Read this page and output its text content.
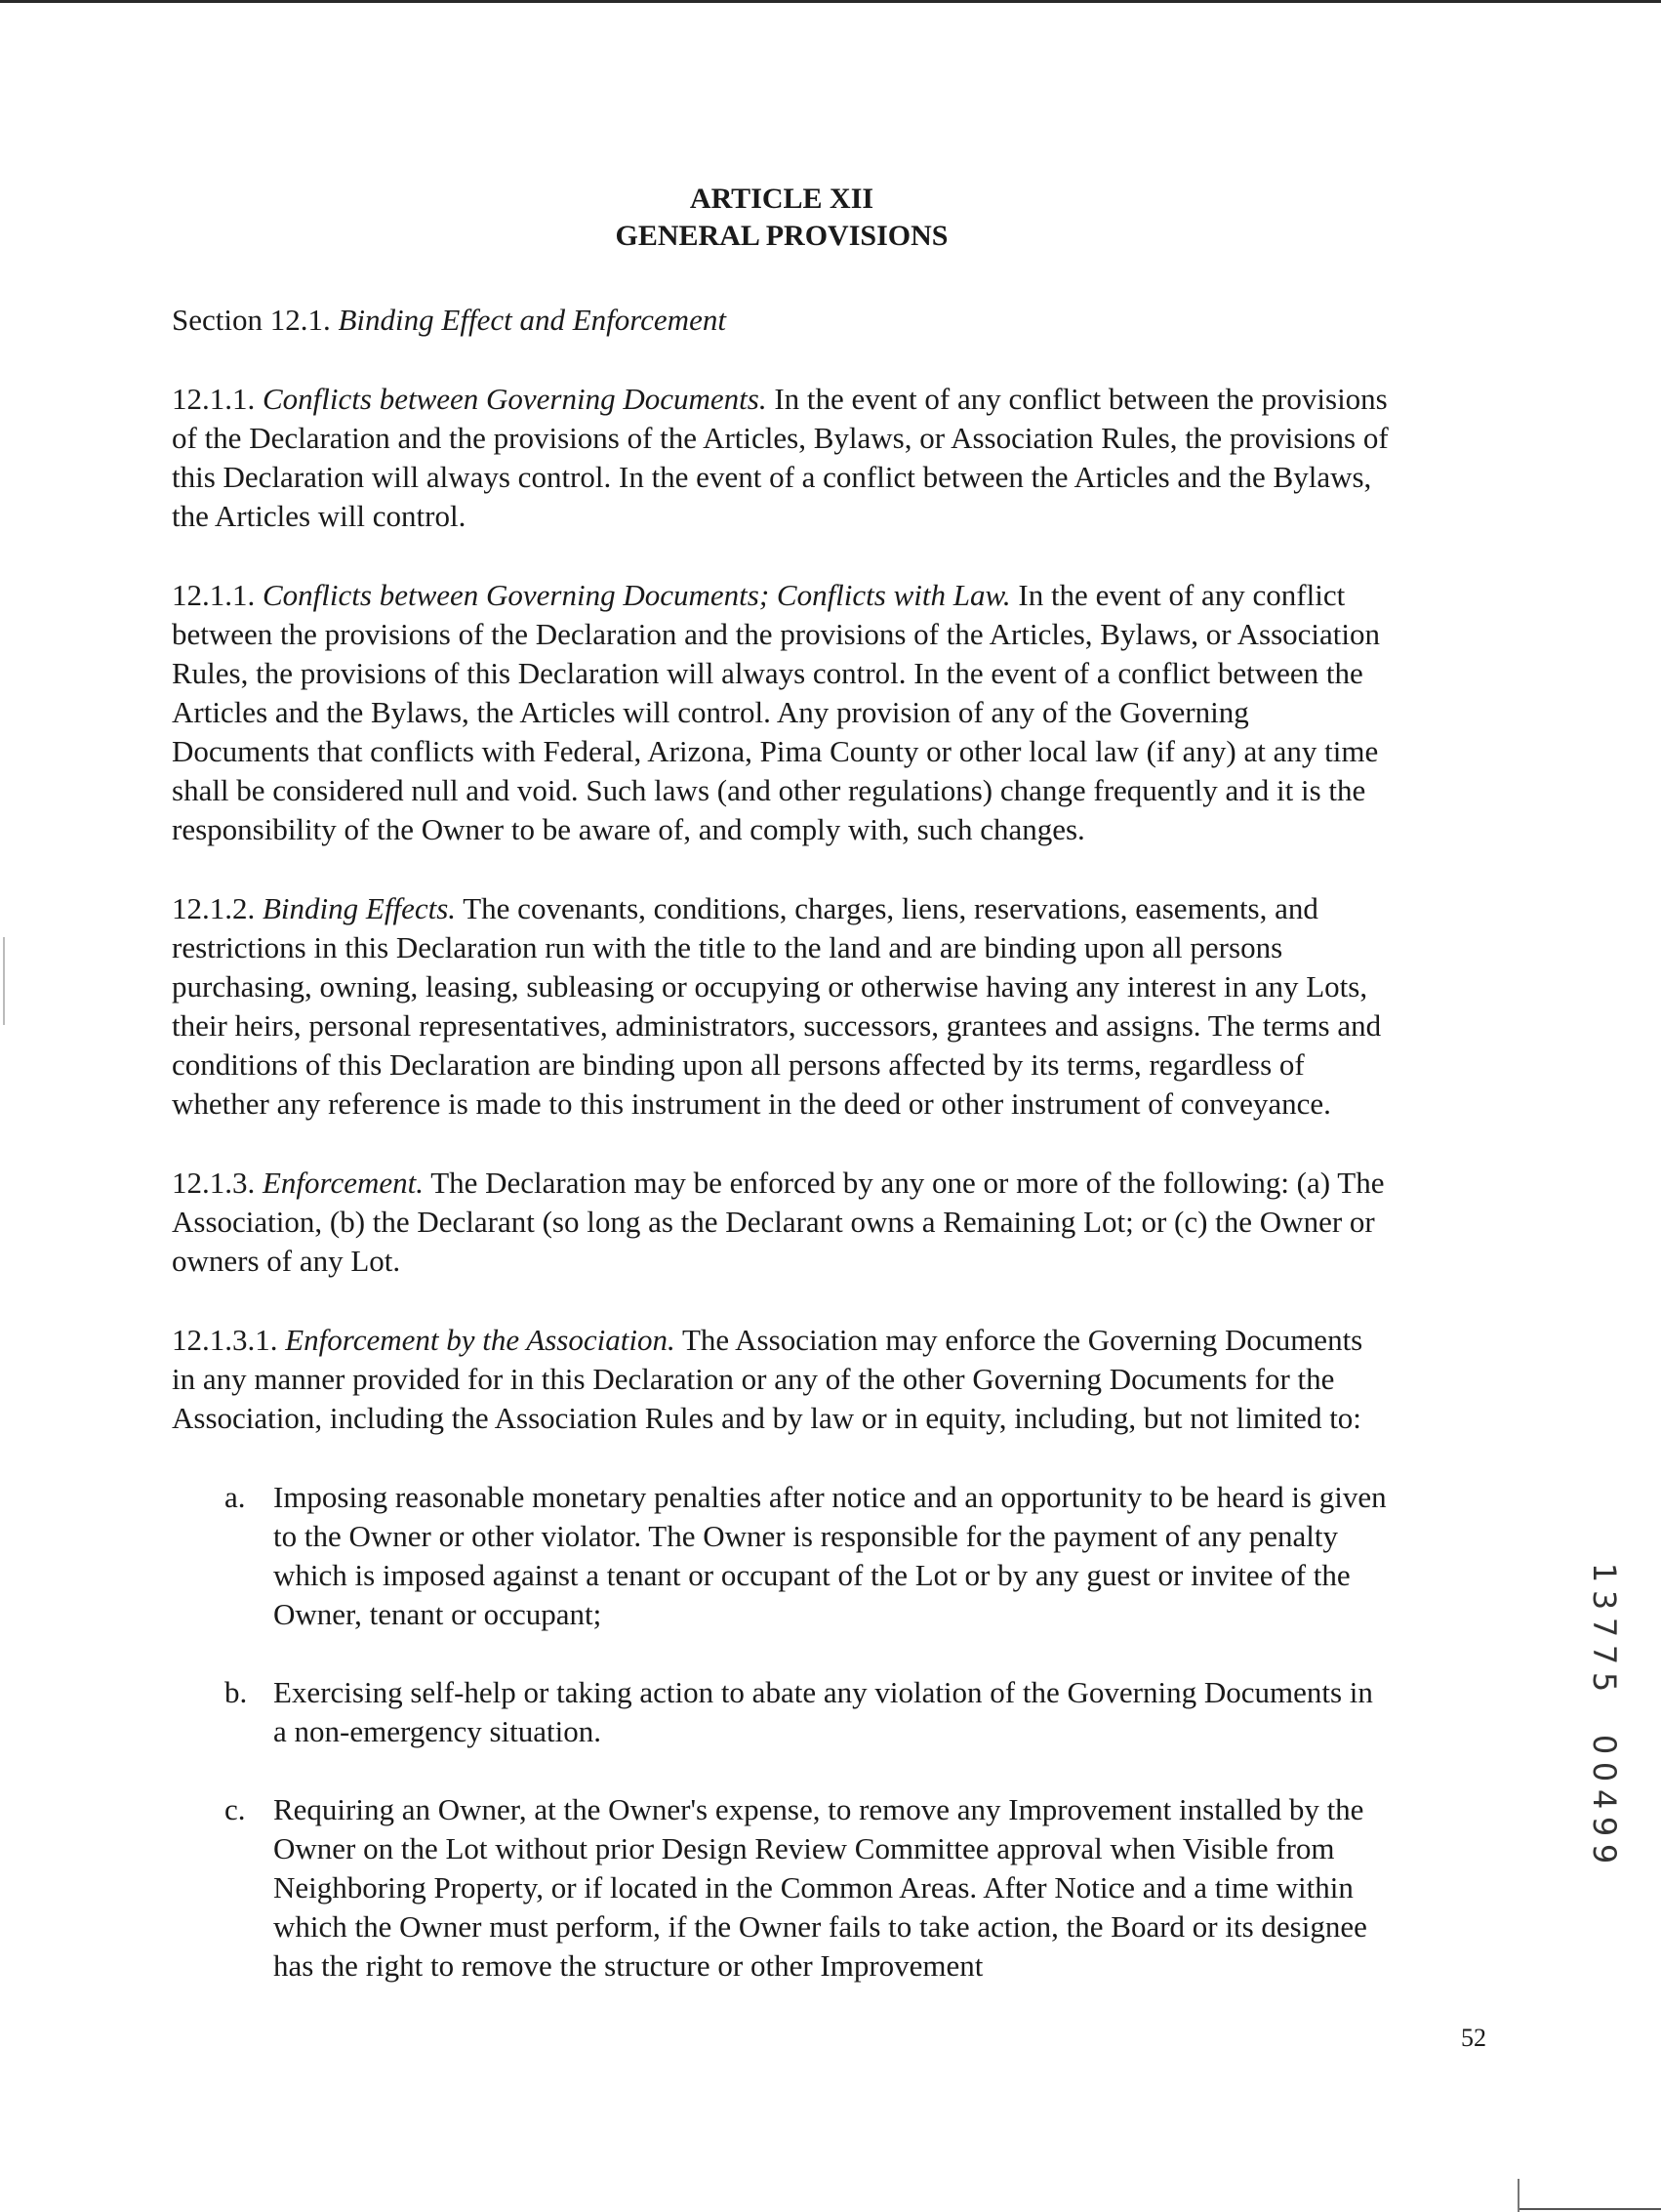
ARTICLE XII
GENERAL PROVISIONS

Section 12.1. Binding Effect and Enforcement

12.1.1. Conflicts between Governing Documents. In the event of any conflict between the provisions of the Declaration and the provisions of the Articles, Bylaws, or Association Rules, the provisions of this Declaration will always control. In the event of a conflict between the Articles and the Bylaws, the Articles will control.

12.1.1. Conflicts between Governing Documents; Conflicts with Law. In the event of any conflict between the provisions of the Declaration and the provisions of the Articles, Bylaws, or Association Rules, the provisions of this Declaration will always control. In the event of a conflict between the Articles and the Bylaws, the Articles will control. Any provision of any of the Governing Documents that conflicts with Federal, Arizona, Pima County or other local law (if any) at any time shall be considered null and void. Such laws (and other regulations) change frequently and it is the responsibility of the Owner to be aware of, and comply with, such changes.

12.1.2. Binding Effects. The covenants, conditions, charges, liens, reservations, easements, and restrictions in this Declaration run with the title to the land and are binding upon all persons purchasing, owning, leasing, subleasing or occupying or otherwise having any interest in any Lots, their heirs, personal representatives, administrators, successors, grantees and assigns. The terms and conditions of this Declaration are binding upon all persons affected by its terms, regardless of whether any reference is made to this instrument in the deed or other instrument of conveyance.

12.1.3. Enforcement. The Declaration may be enforced by any one or more of the following: (a) The Association, (b) the Declarant (so long as the Declarant owns a Remaining Lot; or (c) the Owner or owners of any Lot.

12.1.3.1. Enforcement by the Association. The Association may enforce the Governing Documents in any manner provided for in this Declaration or any of the other Governing Documents for the Association, including the Association Rules and by law or in equity, including, but not limited to:

a. Imposing reasonable monetary penalties after notice and an opportunity to be heard is given to the Owner or other violator. The Owner is responsible for the payment of any penalty which is imposed against a tenant or occupant of the Lot or by any guest or invitee of the Owner, tenant or occupant;
b. Exercising self-help or taking action to abate any violation of the Governing Documents in a non-emergency situation.
c. Requiring an Owner, at the Owner's expense, to remove any Improvement installed by the Owner on the Lot without prior Design Review Committee approval when Visible from Neighboring Property, or if located in the Common Areas. After Notice and a time within which the Owner must perform, if the Owner fails to take action, the Board or its designee has the right to remove the structure or other Improvement
1
3
7
7
5
0
0
4
9
9
52
